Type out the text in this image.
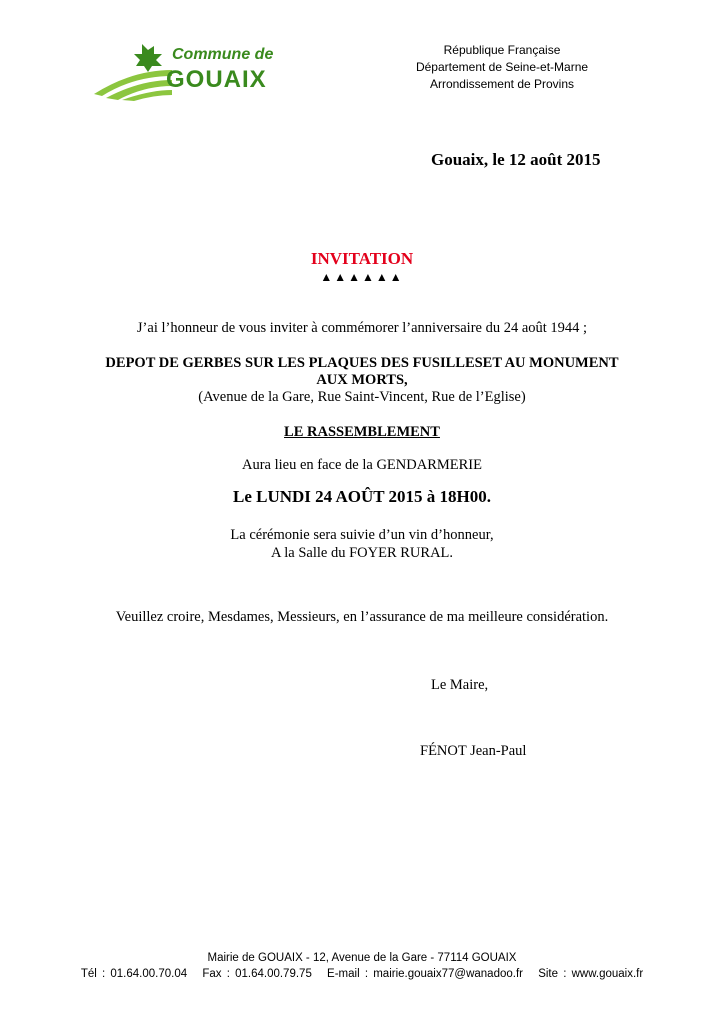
Commune de
GOUAIX
République Française
Département de Seine-et-Marne
Arrondissement de Provins
Gouaix, le 12 août 2015
INVITATION
▲▲▲▲▲▲
J’ai l’honneur de vous inviter à commémorer l’anniversaire du 24 août 1944 ;
DEPOT DE GERBES SUR LES PLAQUES DES FUSILLESET AU MONUMENT
AUX MORTS,
(Avenue de la Gare, Rue Saint-Vincent, Rue de l’Eglise)
LE RASSEMBLEMENT
Aura lieu en face de la GENDARMERIE
Le LUNDI 24 AOÛT 2015 à 18H00.
La cérémonie sera suivie d’un vin d’honneur,
A la Salle du FOYER RURAL.
Veuillez croire, Mesdames, Messieurs, en l’assurance de ma meilleure considération.
Le Maire,
FÉNOT Jean-Paul
Mairie de GOUAIX - 12, Avenue de la Gare - 77114 GOUAIX
Tél : 01.64.00.70.04 Fax : 01.64.00.79.75 E-mail : mairie.gouaix77@wanadoo.fr Site : www.gouaix.fr
